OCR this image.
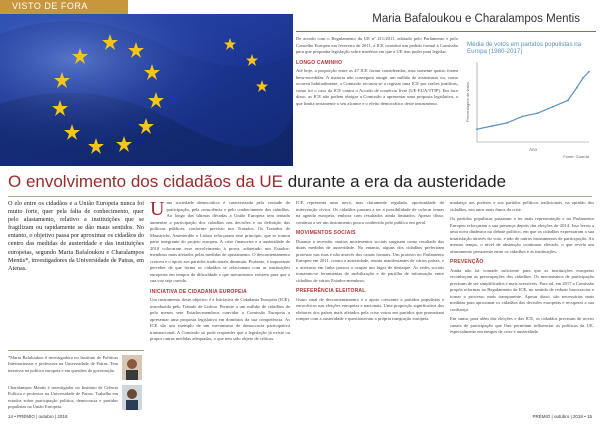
VISTO DE FORA
Maria Bafaloukou e Charalampos Mentis

De acordo com o Regulamento da UE nº 211/2011, adotado pelo Parlamento e pelo Conselho Europeu em fevereiro de 2011, a ICE constitui um pedido formal à Comissão para que proponha legislação sobre matérias em que a UE tem poder para legislar.

LONGO CAMINHO

Até hoje, a proporção entre as 47 ICE foram consideradas, mas somente quatro foram bem-sucedidas. A maioria não conseguiu atingir um milhão de assinaturas ou, como ocorreu habitualmente, a Comissão recusou-se a registar uma ICE por razões jurídicas, como foi o caso da ICE contra o Acordo de comércio livre (UE-EUA/TTIP). Em face disso, as ICE não podem obrigar a Comissão a apresentar uma proposta legislativa, o que limita seriamente o seu alcance e o efeito democrático deste instrumento.

Média de votos em partidos populistas na Europa (1980-2017)
Percentagem de votos
Ano
Fonte: Guarda
O envolvimento dos cidadãos da UE durante a era da austeridade
O elo entre os cidadãos e a União Europeia nunca foi muito forte, quer pela falta de conhecimento, quer pelo afastamento, relativo a instituições que se fragilizam ou rapidamente se dão maus sentidos. No entanto, o objetivo passa por aproximar os cidadãos do centro das medidas de austeridade e das instituições europeias, segundo Maria Bafaloukou e Charalampos Mentis*, investigadores da Universidade de Patras, em Atenas.
*Maria Bafaloukou é investigadora no Instituto de Políticas Internacionais e professora na Universidade de Patras. Tem interesse na política europeia e em questões de governação.
Charalampos Mentis é investigador no Instituto de Ciência Política e professor na Universidade de Patras. Trabalha em estudos sobre participação política, democracia e partidos populistas na União Europeia.

Uma sociedade democrática é caracterizada pela vontade de participação, pela consciência e pelo conhecimento dos cidadãos. Ao longo das últimas décadas a União Europeia tem tentado aumentar a participação dos cidadãos nas decisões e na definição das políticas públicas, conforme previsto nos Tratados. Os Tratados de Maastricht, Amesterdão e Lisboa reforçaram esse princípio, que se tornou parte integrante do projeto europeu. A crise financeira e a austeridade de 2010 colocaram esse envolvimento à prova, sobretudo nos Estados-membros mais afetados pelas medidas de ajustamento. O descontentamento cresceu e o apoio aos partidos tradicionais diminuiu. Portanto, é importante perceber de que forma os cidadãos se relacionam com as instituições europeias em tempos de dificuldade e que mecanismos existem para que a sua voz seja ouvida.

INICIATIVA DE CIDADANIA EUROPEIA

Um instrumento deste objetivo é a Iniciativa de Cidadania Europeia (ICE), introduzida pelo Tratado de Lisboa. Permite a um milhão de cidadãos de pelo menos sete Estados-membros convidar a Comissão Europeia a apresentar uma proposta legislativa em domínios da sua competência. As ICE são um exemplo de um mecanismo de democracia participativa transnacional. A Comissão só pode responder que a legislação já existe ou propor outras medidas adequadas, o que tem sido objeto de críticas.

ICE representa uma nova, mas claramente regulada, oportunidade de intervenção cívica. Os cidadãos passam a ter a possibilidade de colocar temas na agenda europeia, embora com resultados ainda limitados. Apesar disso, continua a ser um instrumento pouco conhecido pelo público em geral.

MOVIMENTOS SOCIAIS

Durante a recessão, muitos movimentos sociais surgiram como resultado das duras medidas de austeridade. No entanto, alguns dos cidadãos preferiram protestar nas ruas e não através dos canais formais. Um protesto no Parlamento Europeu em 2011, contra a austeridade, reuniu manifestantes de vários países, e o ativismo em linha passou a ocupar um lugar de destaque. As redes sociais tornaram-se ferramentas de mobilização e de partilha de informação entre cidadãos de vários Estados-membros.

PREFERÊNCIA ELEITORAL

Outro sinal de descontentamento é o apoio crescente a partidos populistas e eurocéticos nas eleições europeias e nacionais. Uma proporção significativa dos eleitores dos países mais afetados pela crise votou em partidos que prometiam romper com a austeridade e questionavam a própria integração europeia.

mudança aos poderes e aos partidos políticos tradicionais, na opinião dos cidadãos, nos anos mais duros da crise.

Os partidos populistas passaram a ter mais representação e no Parlamento Europeu reforçaram a sua presença depois das eleições de 2014. Isso levou a uma nova dinâmica no debate político, em que os cidadãos expressaram a sua insatisfação através do voto, e não de outros instrumentos de participação. Ao mesmo tempo, o nível de abstenção continuou elevado, o que revela um afastamento persistente entre os cidadãos e as instituições.

PREVENÇÃO

Ainda não há vontade suficiente para que as instituições europeias reconheçam as preocupações dos cidadãos. Os mecanismos de participação precisam de ser simplificados e mais acessíveis. Para tal, em 2017 a Comissão propôs reformas ao Regulamento da ICE, no sentido de reduzir burocracias e tornar o processo mais transparente. Apesar disso, são necessárias mais medidas para aproximar os cidadãos das decisões europeias e recuperar a sua confiança.

Em suma, para além das eleições e das ICE, os cidadãos precisam de novos canais de participação que lhes permitam influenciar as políticas da UE, especialmente em tempos de crise e austeridade.

14 • PRÉMIO | outubro | 2018	PRÉMIO | outubro | 2018 • 15
